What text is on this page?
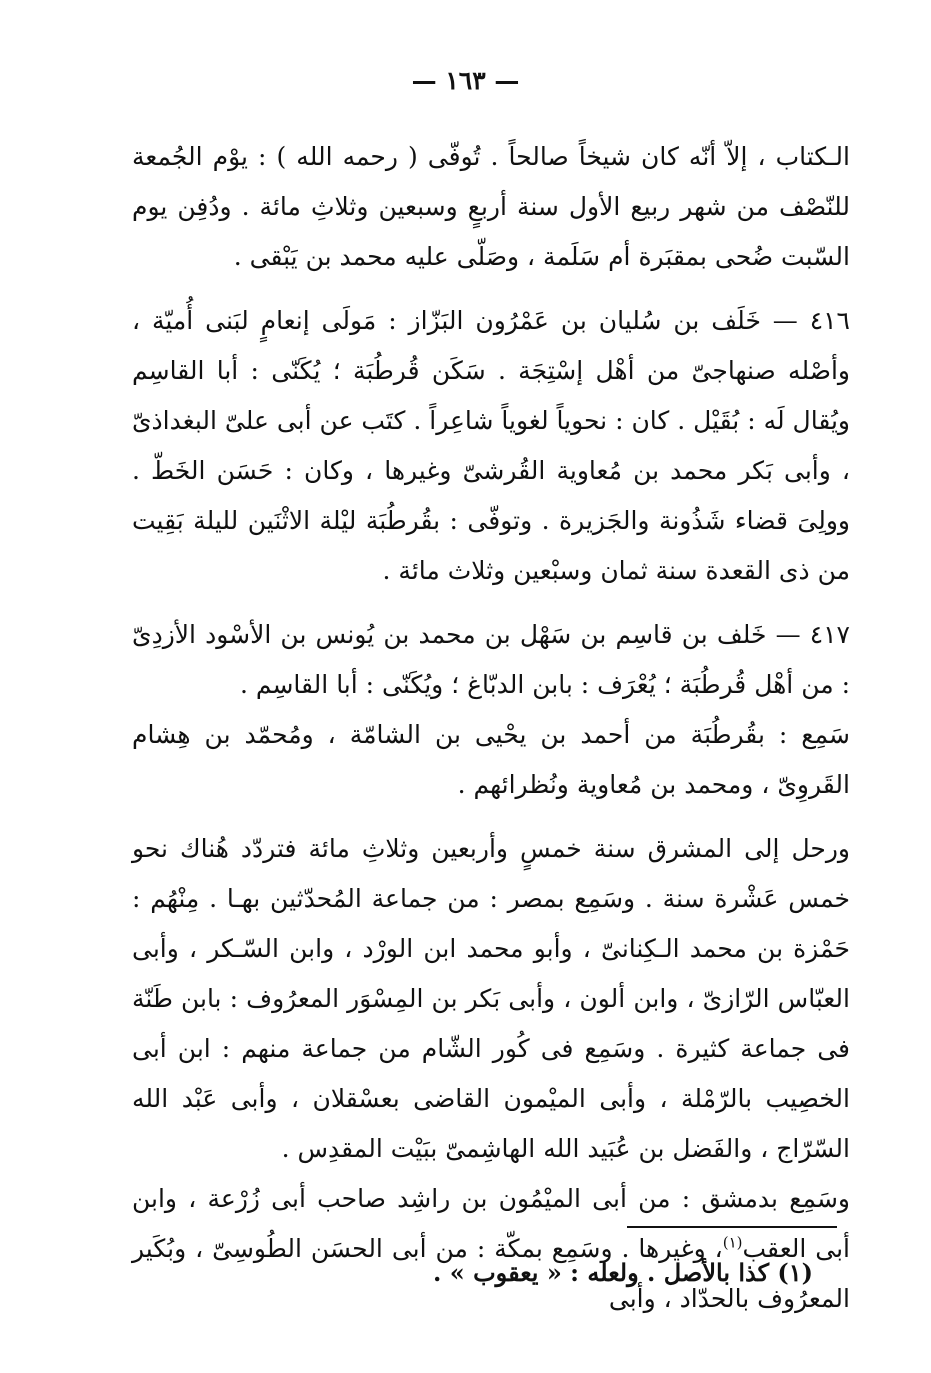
— ١٦٣ —

الـكتاب ، إلاّ أنّه كان شيخاً صالحاً . تُوفّى ( رحمه الله ) : يوْم الجُمعة للنّصْف من شهر ربيع الأول سنة أربعٍ وسبعين وثلاثِ مائة . ودُفِن يوم السّبت ضُحى بمقبَرة أم سَلَمة ، وصَلّى عليه محمد بن يَبْقى .

٤١٦ — خَلَف بن سُليان بن عَمْرُون البَزّاز : مَولَى إنعامٍ لبَنى أُميّة ، وأصْله صنهاجىّ من أهْل إسْتِجَة . سَكَن قُرطُبَة ؛ يُكَنّى : أبا القاسِم ويُقال لَه : بُقَيْل . كان : نحوياً لغوياً شاعِراً . كتَب عن أبى علىّ البغداذىّ ، وأبى بَكر محمد بن مُعاوية القُرشىّ وغيرها ، وكان : حَسَن الخَطّ . وولِىَ قضاء شَذُونة والجَزيرة . وتوفّى : بقُرطُبَة ليْلة الاثْنَين لليلة بَقِيت من ذى القعدة سنة ثمان وسبْعين وثلاث مائة .

٤١٧ — خَلف بن قاسِم بن سَهْل بن محمد بن يُونس بن الأسْود الأزدِىّ : من أهْل قُرطُبَة ؛ يُعْرَف : بابن الدبّاغ ؛ ويُكَنّى : أبا القاسِم .

سَمِع : بقُرطُبَة من أحمد بن يحْيى بن الشامّة ، ومُحمّد بن هِشام القَروِىّ ، ومحمد بن مُعاوية ونُظرائهم .

ورحل إلى المشرق سنة خمسٍ وأربعين وثلاثِ مائة فتردّد هُناك نحو خمس عَشْرة سنة . وسَمِع بمصر : من جماعة المُحدّثين بهـا . مِنْهُم : حَمْزة بن محمد الـكِنانىّ ، وأبو محمد ابن الورْد ، وابن السّـكر ، وأبى العبّاس الرّازىّ ، وابن ألون ، وأبى بَكر بن المِسْوَر المعرُوف : بابن طَنّة فى جماعة كثيرة . وسَمِع فى كُور الشّام من جماعة منهم : ابن أبى الخصِيب بالرّمْلة ، وأبى الميْمون القاضى بعسْقلان ، وأبى عَبْد الله السّرّاج ، والفَضل بن عُبَيد الله الهاشِمىّ ببَيْت المقدِس .

وسَمِع بدمشق : من أبى الميْمُون بن راشِد صاحب أبى زُرْعة ، وابن أبى العقب$^{(١)}$، وغيرها . وسَمِع بمكّة : من أبى الحسَن الطُوسِىّ ، وبُكَير المعرُوف بالحدّاد ، وأبى

(١) كذا بالأصل . ولعله : « يعقوب » .
